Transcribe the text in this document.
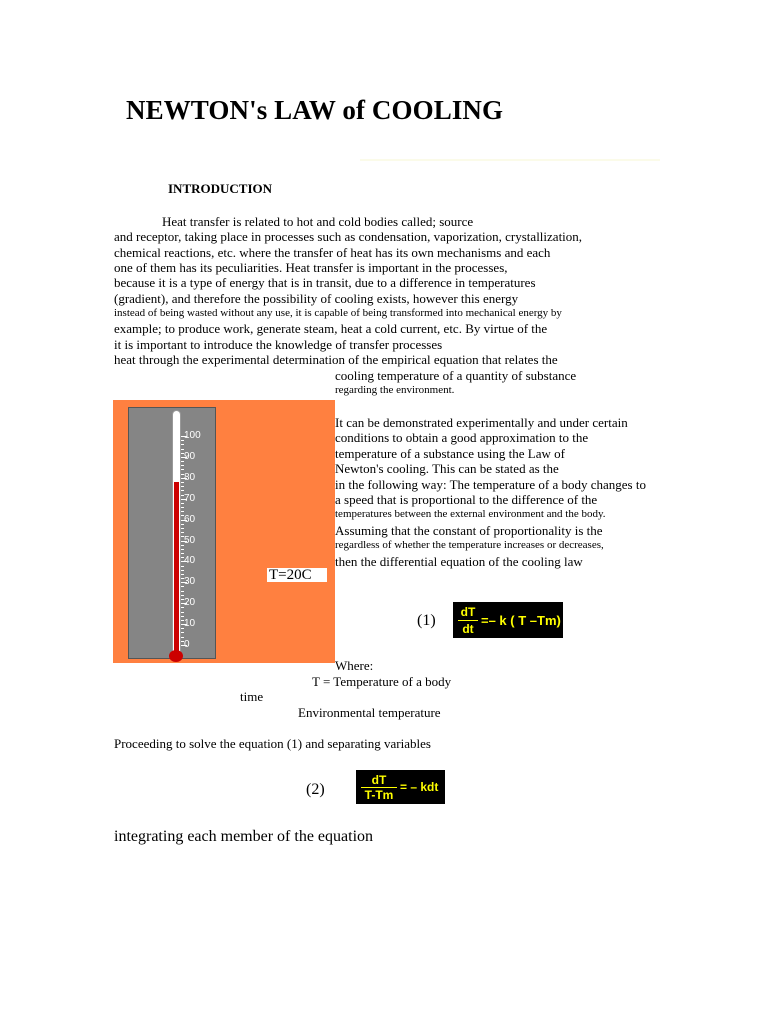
NEWTON's LAW of COOLING
INTRODUCTION
Heat transfer is related to hot and cold bodies called; source
and receptor, taking place in processes such as condensation, vaporization, crystallization,
chemical reactions, etc. where the transfer of heat has its own mechanisms and each
one of them has its peculiarities. Heat transfer is important in the processes,
because it is a type of energy that is in transit, due to a difference in temperatures
(gradient), and therefore the possibility of cooling exists, however this energy
instead of being wasted without any use, it is capable of being transformed into mechanical energy by
example; to produce work, generate steam, heat a cold current, etc. By virtue of the
it is important to introduce the knowledge of transfer processes
heat through the experimental determination of the empirical equation that relates the
cooling temperature of a quantity of substance
regarding the environment.
100
90
80
70
60
50
40
30
20
10
0
T=20C
It can be demonstrated experimentally and under certain
conditions to obtain a good approximation to the
temperature of a substance using the Law of
Newton's cooling. This can be stated as the
in the following way: The temperature of a body changes to
a speed that is proportional to the difference of the
temperatures between the external environment and the body.
Assuming that the constant of proportionality is the
regardless of whether the temperature increases or decreases,
then the differential equation of the cooling law
(1)	dT
dt
=– k ( T –Tm)
Where:
T = Temperature of a body
time
Environmental temperature
Proceeding to solve the equation (1) and separating variables
(2)
dT
T-Tm
= – kdt
integrating each member of the equation
